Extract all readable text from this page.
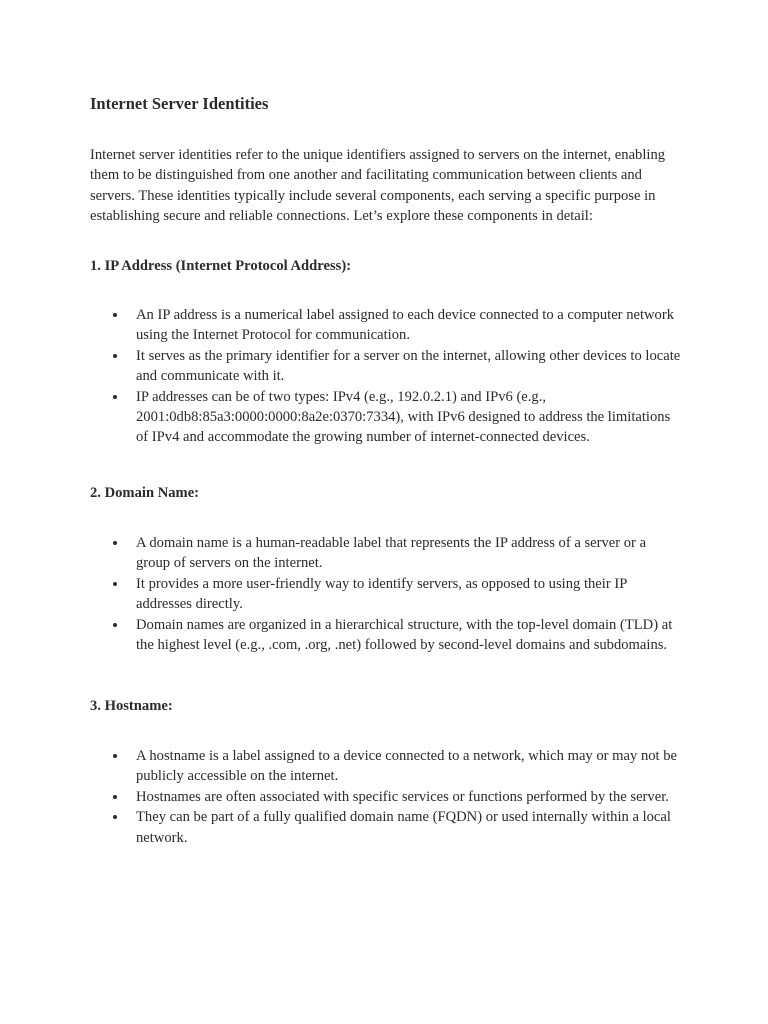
Internet Server Identities

Internet server identities refer to the unique identifiers assigned to servers on the internet, enabling them to be distinguished from one another and facilitating communication between clients and servers. These identities typically include several components, each serving a specific purpose in establishing secure and reliable connections. Let’s explore these components in detail:

1. IP Address (Internet Protocol Address):

An IP address is a numerical label assigned to each device connected to a computer network using the Internet Protocol for communication.
It serves as the primary identifier for a server on the internet, allowing other devices to locate and communicate with it.
IP addresses can be of two types: IPv4 (e.g., 192.0.2.1) and IPv6 (e.g., 2001:0db8:85a3:0000:0000:8a2e:0370:7334), with IPv6 designed to address the limitations of IPv4 and accommodate the growing number of internet-connected devices.

2. Domain Name:

A domain name is a human-readable label that represents the IP address of a server or a group of servers on the internet.
It provides a more user-friendly way to identify servers, as opposed to using their IP addresses directly.
Domain names are organized in a hierarchical structure, with the top-level domain (TLD) at the highest level (e.g., .com, .org, .net) followed by second-level domains and subdomains.

3. Hostname:

A hostname is a label assigned to a device connected to a network, which may or may not be publicly accessible on the internet.
Hostnames are often associated with specific services or functions performed by the server.
They can be part of a fully qualified domain name (FQDN) or used internally within a local network.
